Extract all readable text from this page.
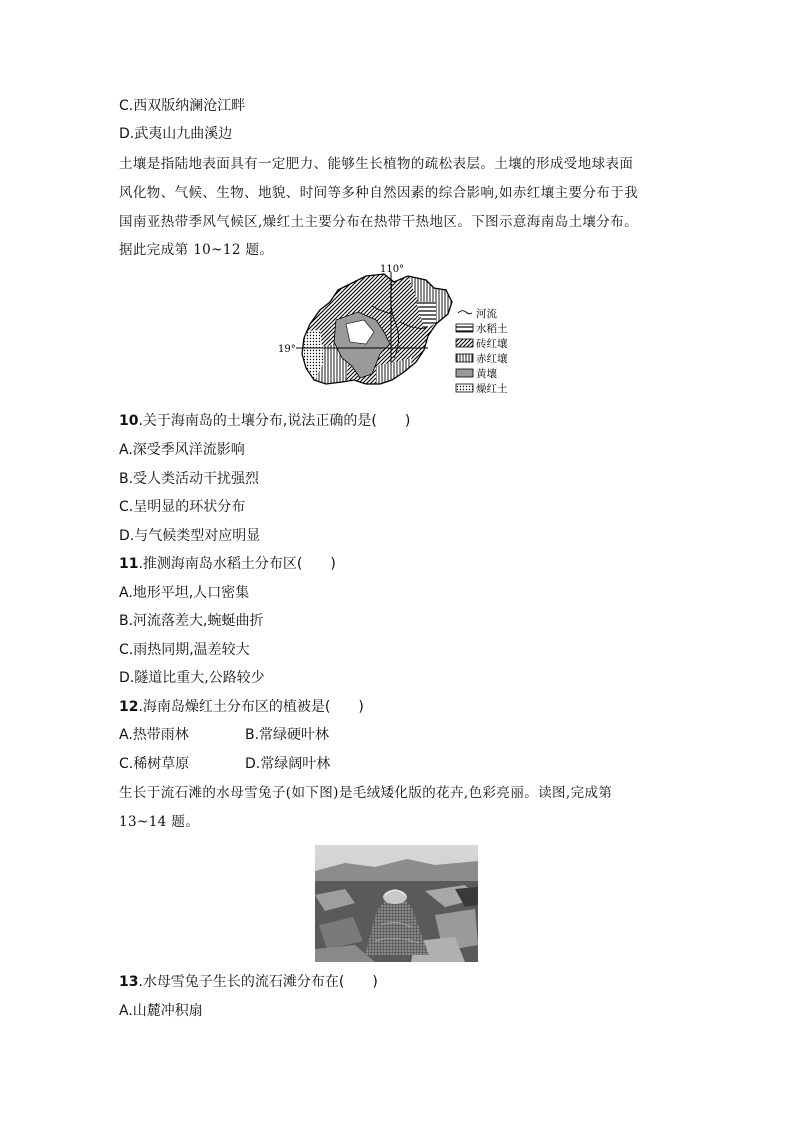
C.西双版纳澜沧江畔
D.武夷山九曲溪边
土壤是指陆地表面具有一定肥力、能够生长植物的疏松表层。土壤的形成受地球表面
风化物、气候、生物、地貌、时间等多种自然因素的综合影响,如赤红壤主要分布于我
国南亚热带季风气候区,燥红土主要分布在热带干热地区。下图示意海南岛土壤分布。
据此完成第 10~12 题。
110°
19°
河流
水稻土
砖红壤
赤红壤
黄壤
燥红土
10.关于海南岛的土壤分布,说法正确的是(　　)
A.深受季风洋流影响
B.受人类活动干扰强烈
C.呈明显的环状分布
D.与气候类型对应明显
11.推测海南岛水稻土分布区(　　)
A.地形平坦,人口密集
B.河流落差大,蜿蜒曲折
C.雨热同期,温差较大
D.隧道比重大,公路较少
12.海南岛燥红土分布区的植被是(　　)
A.热带雨林	B.常绿硬叶林
C.稀树草原	D.常绿阔叶林
生长于流石滩的水母雪兔子(如下图)是毛绒矮化版的花卉,色彩亮丽。读图,完成第
13~14 题。
13.水母雪兔子生长的流石滩分布在(　　)
A.山麓冲积扇
